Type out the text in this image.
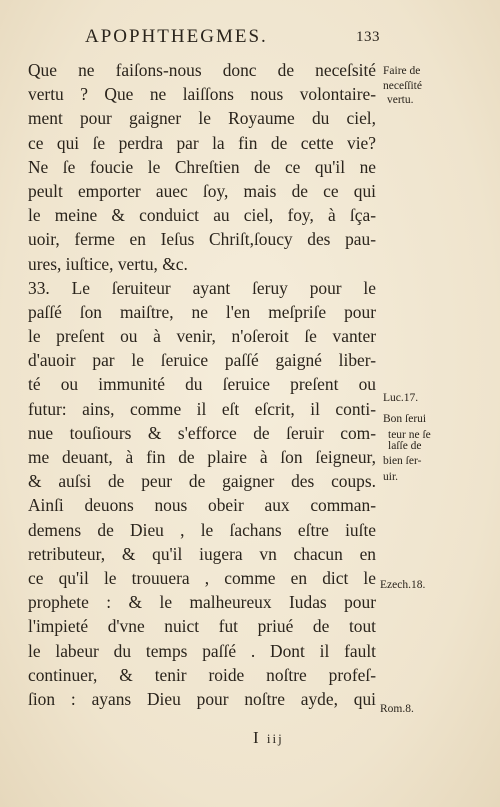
APOPHTHEGMES.	133
Que ne faiſons-nous donc de neceſsité
vertu ? Que ne laiſſons nous volontaire-
ment pour gaigner le Royaume du ciel,
ce qui ſe perdra par la fin de cette vie?
Ne ſe foucie le Chreſtien de ce qu'il ne
peult emporter auec ſoy, mais de ce qui
le meine & conduict au ciel, foy, à ſça-
uoir, ferme en Ieſus Chriſt,ſoucy des pau-
ures, iuſtice, vertu, &c.
33. Le ſeruiteur ayant ſeruy pour le
paſſé ſon maiſtre, ne l'en meſpriſe pour
le preſent ou à venir, n'oſeroit ſe vanter
d'auoir par le ſeruice paſſé gaigné liber-
té ou immunité du ſeruice preſent ou
futur: ains, comme il eſt eſcrit, il conti-
nue touſiours & s'efforce de ſeruir com-
me deuant, à fin de plaire à ſon ſeigneur,
& auſsi de peur de gaigner des coups.
Ainſi deuons nous obeir aux comman-
demens de Dieu , le ſachans eſtre iuſte
retributeur, & qu'il iugera vn chacun en
ce qu'il le trouuera , comme en dict le
prophete : & le malheureux Iudas pour
l'impieté d'vne nuict fut priué de tout
le labeur du temps paſſé . Dont il fault
continuer, & tenir roide noſtre profeſ-
ſion : ayans Dieu pour noſtre ayde, qui
Faire de
neceſſité
vertu.
Luc.17.
Bon ſerui
teur ne ſe
laſſe de
bien ſer-
uir.
Ezech.18.
Rom.8.
I iij
